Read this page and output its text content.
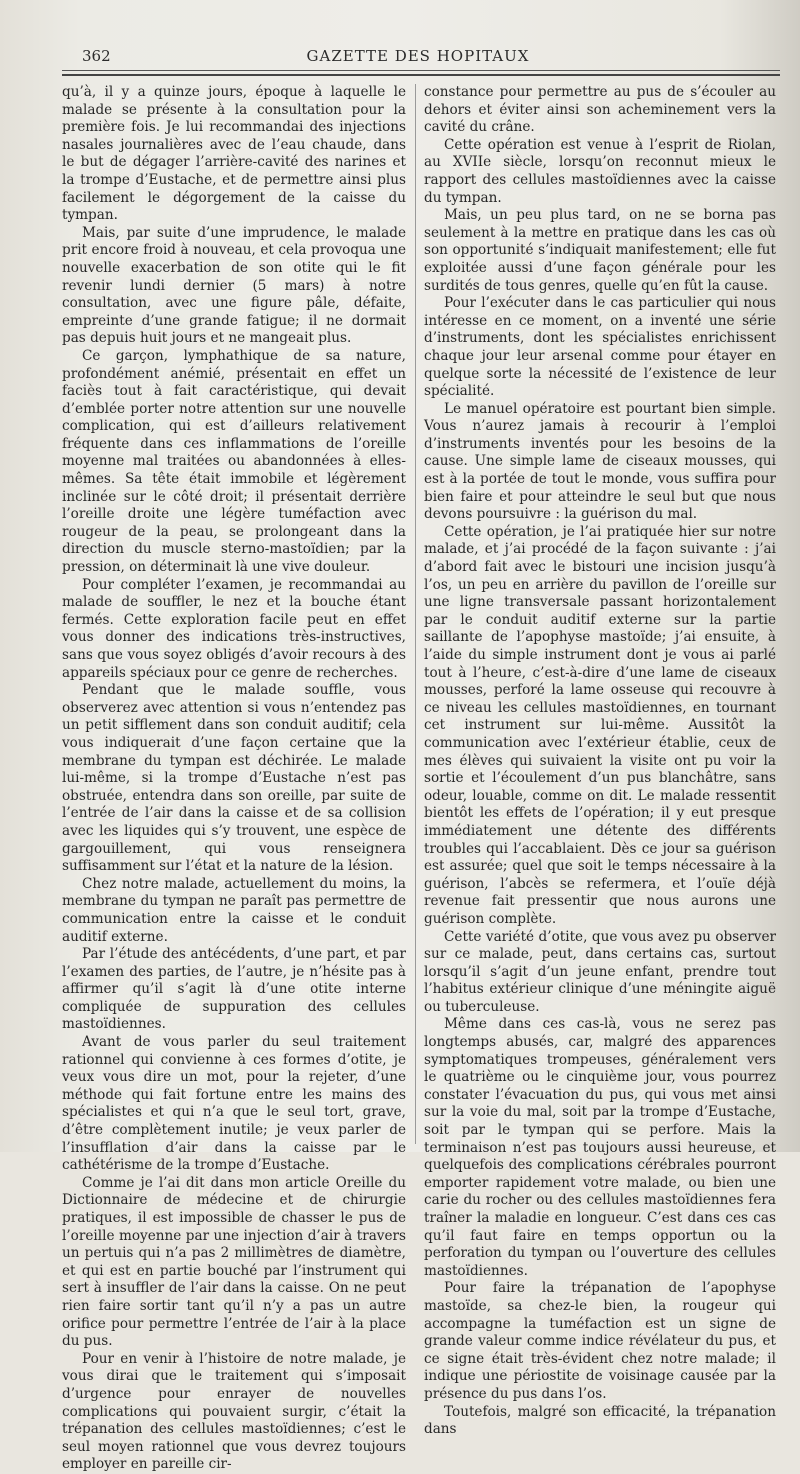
362	GAZETTE DES HOPITAUX

qu’à, il y a quinze jours, époque à laquelle le malade se présente à la consultation pour la première fois. Je lui recommandai des injections nasales journalières avec de l’eau chaude, dans le but de dégager l’arrière-cavité des narines et la trompe d’Eustache, et de permettre ainsi plus facilement le dégorgement de la caisse du tympan.

Mais, par suite d’une imprudence, le malade prit encore froid à nouveau, et cela provoqua une nouvelle exacerbation de son otite qui le fit revenir lundi dernier (5 mars) à notre consultation, avec une figure pâle, défaite, empreinte d’une grande fatigue; il ne dormait pas depuis huit jours et ne mangeait plus.

Ce garçon, lymphathique de sa nature, profondément anémié, présentait en effet un faciès tout à fait caractéristique, qui devait d’emblée porter notre attention sur une nouvelle complication, qui est d’ailleurs relativement fréquente dans ces inflammations de l’oreille moyenne mal traitées ou abandonnées à elles-mêmes. Sa tête était immobile et légèrement inclinée sur le côté droit; il présentait derrière l’oreille droite une légère tuméfaction avec rougeur de la peau, se prolongeant dans la direction du muscle sterno-mastoïdien; par la pression, on déterminait là une vive douleur.

Pour compléter l’examen, je recommandai au malade de souffler, le nez et la bouche étant fermés. Cette exploration facile peut en effet vous donner des indications très-instructives, sans que vous soyez obligés d’avoir recours à des appareils spéciaux pour ce genre de recherches.

Pendant que le malade souffle, vous observerez avec attention si vous n’entendez pas un petit sifflement dans son conduit auditif; cela vous indiquerait d’une façon certaine que la membrane du tympan est déchirée. Le malade lui-même, si la trompe d’Eustache n’est pas obstruée, entendra dans son oreille, par suite de l’entrée de l’air dans la caisse et de sa collision avec les liquides qui s’y trouvent, une espèce de gargouillement, qui vous renseignera suffisamment sur l’état et la nature de la lésion.

Chez notre malade, actuellement du moins, la membrane du tympan ne paraît pas permettre de communication entre la caisse et le conduit auditif externe.

Par l’étude des antécédents, d’une part, et par l’examen des parties, de l’autre, je n’hésite pas à affirmer qu’il s’agit là d’une otite interne compliquée de suppuration des cellules mastoïdiennes.

Avant de vous parler du seul traitement rationnel qui convienne à ces formes d’otite, je veux vous dire un mot, pour la rejeter, d’une méthode qui fait fortune entre les mains des spécialistes et qui n’a que le seul tort, grave, d’être complètement inutile; je veux parler de l’insufflation d’air dans la caisse par le cathétérisme de la trompe d’Eustache.

Comme je l’ai dit dans mon article Oreille du Dictionnaire de médecine et de chirurgie pratiques, il est impossible de chasser le pus de l’oreille moyenne par une injection d’air à travers un pertuis qui n’a pas 2 millimètres de diamètre, et qui est en partie bouché par l’instrument qui sert à insuffler de l’air dans la caisse. On ne peut rien faire sortir tant qu’il n’y a pas un autre orifice pour permettre l’entrée de l’air à la place du pus.

Pour en venir à l’histoire de notre malade, je vous dirai que le traitement qui s’imposait d’urgence pour enrayer de nouvelles complications qui pouvaient surgir, c’était la trépanation des cellules mastoïdiennes; c’est le seul moyen rationnel que vous devrez toujours employer en pareille cir-

constance pour permettre au pus de s’écouler au dehors et éviter ainsi son acheminement vers la cavité du crâne.

Cette opération est venue à l’esprit de Riolan, au XVIIe siècle, lorsqu’on reconnut mieux le rapport des cellules mastoïdiennes avec la caisse du tympan.

Mais, un peu plus tard, on ne se borna pas seulement à la mettre en pratique dans les cas où son opportunité s’indiquait manifestement; elle fut exploitée aussi d’une façon générale pour les surdités de tous genres, quelle qu’en fût la cause.

Pour l’exécuter dans le cas particulier qui nous intéresse en ce moment, on a inventé une série d’instruments, dont les spécialistes enrichissent chaque jour leur arsenal comme pour étayer en quelque sorte la nécessité de l’existence de leur spécialité.

Le manuel opératoire est pourtant bien simple. Vous n’aurez jamais à recourir à l’emploi d’instruments inventés pour les besoins de la cause. Une simple lame de ciseaux mousses, qui est à la portée de tout le monde, vous suffira pour bien faire et pour atteindre le seul but que nous devons poursuivre : la guérison du mal.

Cette opération, je l’ai pratiquée hier sur notre malade, et j’ai procédé de la façon suivante : j’ai d’abord fait avec le bistouri une incision jusqu’à l’os, un peu en arrière du pavillon de l’oreille sur une ligne transversale passant horizontalement par le conduit auditif externe sur la partie saillante de l’apophyse mastoïde; j’ai ensuite, à l’aide du simple instrument dont je vous ai parlé tout à l’heure, c’est-à-dire d’une lame de ciseaux mousses, perforé la lame osseuse qui recouvre à ce niveau les cellules mastoïdiennes, en tournant cet instrument sur lui-même. Aussitôt la communication avec l’extérieur établie, ceux de mes élèves qui suivaient la visite ont pu voir la sortie et l’écoulement d’un pus blanchâtre, sans odeur, louable, comme on dit. Le malade ressentit bientôt les effets de l’opération; il y eut presque immédiatement une détente des différents troubles qui l’accablaient. Dès ce jour sa guérison est assurée; quel que soit le temps nécessaire à la guérison, l’abcès se refermera, et l’ouïe déjà revenue fait pressentir que nous aurons une guérison complète.

Cette variété d’otite, que vous avez pu observer sur ce malade, peut, dans certains cas, surtout lorsqu’il s’agit d’un jeune enfant, prendre tout l’habitus extérieur clinique d’une méningite aiguë ou tuberculeuse.

Même dans ces cas-là, vous ne serez pas longtemps abusés, car, malgré des apparences symptomatiques trompeuses, généralement vers le quatrième ou le cinquième jour, vous pourrez constater l’évacuation du pus, qui vous met ainsi sur la voie du mal, soit par la trompe d’Eustache, soit par le tympan qui se perfore. Mais la terminaison n’est pas toujours aussi heureuse, et quelquefois des complications cérébrales pourront emporter rapidement votre malade, ou bien une carie du rocher ou des cellules mastoïdiennes fera traîner la maladie en longueur. C’est dans ces cas qu’il faut faire en temps opportun ou la perforation du tympan ou l’ouverture des cellules mastoïdiennes.

Pour faire la trépanation de l’apophyse mastoïde, sa chez-le bien, la rougeur qui accompagne la tuméfaction est un signe de grande valeur comme indice révélateur du pus, et ce signe était très-évident chez notre malade; il indique une périostite de voisinage causée par la présence du pus dans l’os.

Toutefois, malgré son efficacité, la trépanation dans
